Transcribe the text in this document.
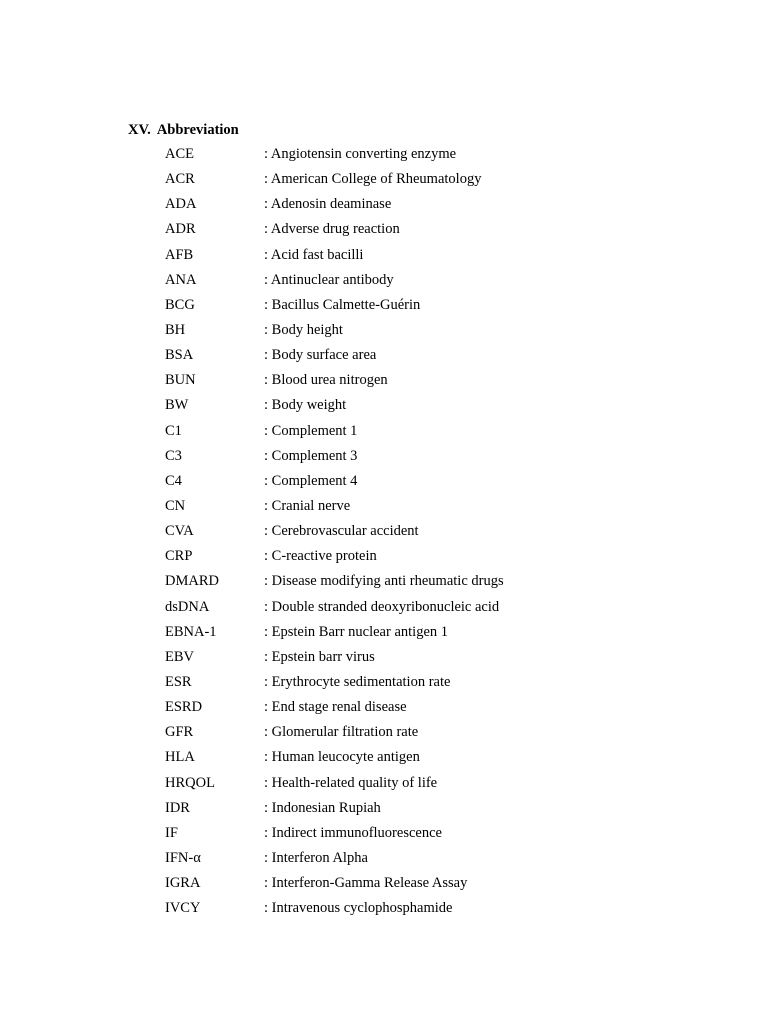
XV. Abbreviation
ACE	: Angiotensin converting enzyme
ACR	: American College of Rheumatology
ADA	: Adenosin deaminase
ADR	: Adverse drug reaction
AFB	: Acid fast bacilli
ANA	: Antinuclear antibody
BCG	: Bacillus Calmette-Guérin
BH	: Body height
BSA	: Body surface area
BUN	: Blood urea nitrogen
BW	: Body weight
C1	: Complement 1
C3	: Complement 3
C4	: Complement 4
CN	: Cranial nerve
CVA	: Cerebrovascular accident
CRP	: C-reactive protein
DMARD	: Disease modifying anti rheumatic drugs
dsDNA	: Double stranded deoxyribonucleic acid
EBNA-1	: Epstein Barr nuclear antigen 1
EBV	: Epstein barr virus
ESR	: Erythrocyte sedimentation rate
ESRD	: End stage renal disease
GFR	: Glomerular filtration rate
HLA	: Human leucocyte antigen
HRQOL	: Health-related quality of life
IDR	: Indonesian Rupiah
IF	: Indirect immunofluorescence
IFN-α	: Interferon Alpha
IGRA	: Interferon-Gamma Release Assay
IVCY	: Intravenous cyclophosphamide
